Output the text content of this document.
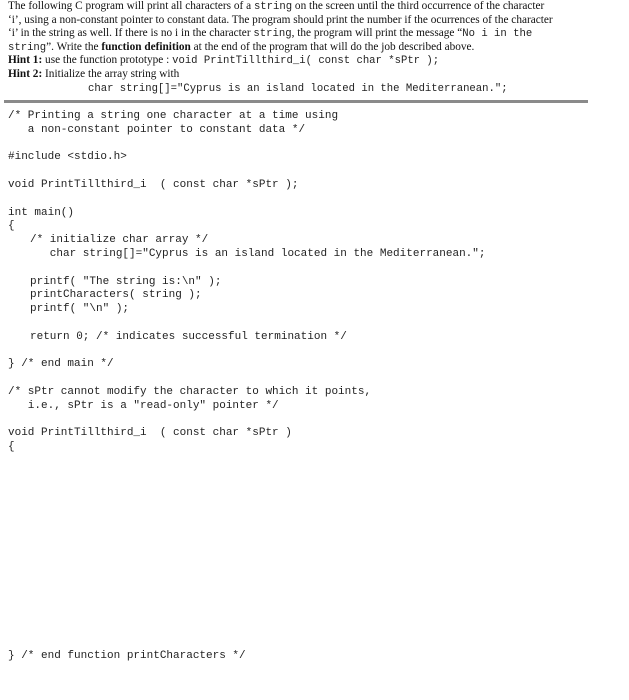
The following C program will print all characters of a string on the screen until the third occurrence of the character
‘i’, using a non-constant pointer to constant data. The program should print the number if the ocurrences of the character
‘i’ in the string as well. If there is no i in the character string, the program will print the message “No i in the
string”. Write the function definition at the end of the program that will do the job described above.
Hint 1: use the function prototype : void PrintTillthird_i( const char *sPtr );
Hint 2: Initialize the array string with
char string[]="Cyprus is an island located in the Mediterranean.";
/* Printing a string one character at a time using
a non-constant pointer to constant data */
#include <stdio.h>
void PrintTillthird_i  ( const char *sPtr );
int main()
{
/* initialize char array */
char string[]="Cyprus is an island located in the Mediterranean.";
printf( "The string is:\n" );
printCharacters( string );
printf( "\n" );
return 0; /* indicates successful termination */
} /* end main */
/* sPtr cannot modify the character to which it points,
i.e., sPtr is a "read-only" pointer */
void PrintTillthird_i  ( const char *sPtr )
{
} /* end function printCharacters */
